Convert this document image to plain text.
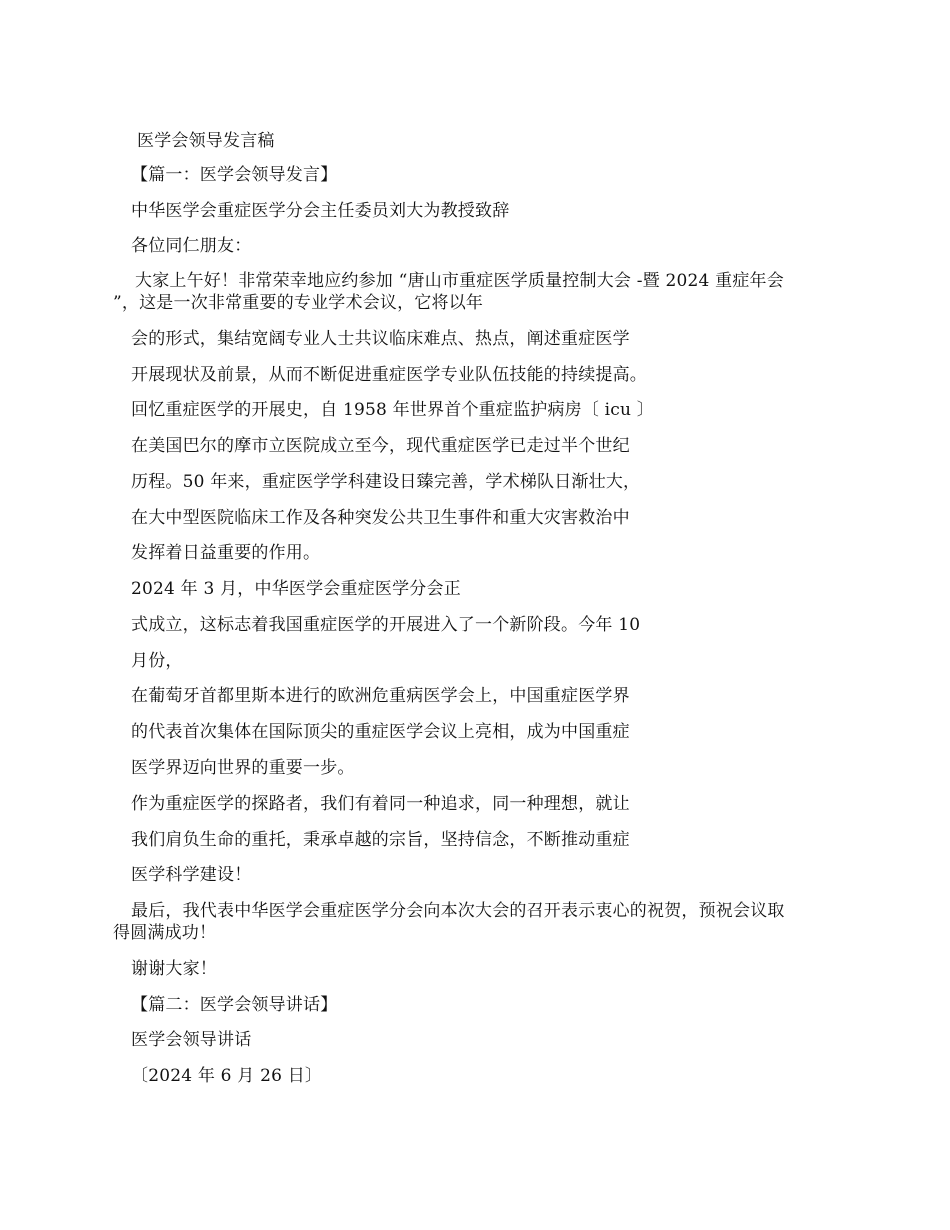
医学会领导发言稿
【篇一：医学会领导发言】
中华医学会重症医学分会主任委员刘大为教授致辞
各位同仁朋友：
大家上午好！非常荣幸地应约参加 “唐山市重症医学质量控制大会 -暨 2024 重症年会
”，这是一次非常重要的专业学术会议，它将以年
会的形式，集结宽阔专业人士共议临床难点、热点，阐述重症医学
开展现状及前景，从而不断促进重症医学专业队伍技能的持续提高。
回忆重症医学的开展史，自 1958 年世界首个重症监护病房〔 icu 〕
在美国巴尔的摩市立医院成立至今，现代重症医学已走过半个世纪
历程。50 年来，重症医学学科建设日臻完善，学术梯队日渐壮大，
在大中型医院临床工作及各种突发公共卫生事件和重大灾害救治中
发挥着日益重要的作用。
2024 年 3 月，中华医学会重症医学分会正
式成立，这标志着我国重症医学的开展进入了一个新阶段。今年 10
月份，
在葡萄牙首都里斯本进行的欧洲危重病医学会上，中国重症医学界
的代表首次集体在国际顶尖的重症医学会议上亮相，成为中国重症
医学界迈向世界的重要一步。
作为重症医学的探路者，我们有着同一种追求，同一种理想，就让
我们肩负生命的重托，秉承卓越的宗旨，坚持信念，不断推动重症
医学科学建设！
最后，我代表中华医学会重症医学分会向本次大会的召开表示衷心的祝贺，预祝会议取
得圆满成功！
谢谢大家！
【篇二：医学会领导讲话】
医学会领导讲话
〔2024 年 6 月 26 日〕
